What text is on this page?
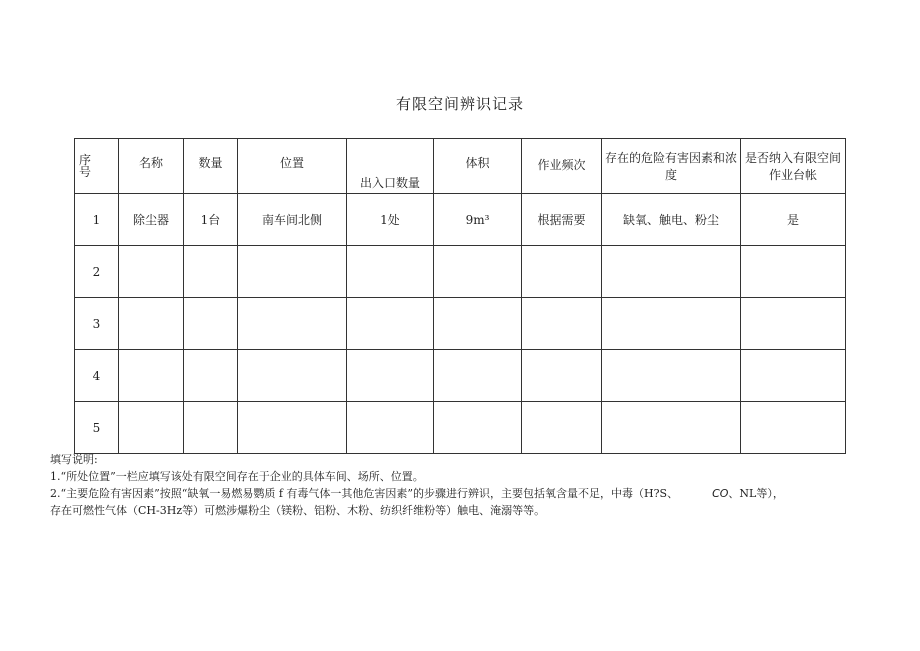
有限空间辨识记录
序号	名称	数量	位置	出入口数量	体积	作业频次	存在的危险有害因素和浓度	是否纳入有限空间作业台帐
1	除尘器	1台	南车间北侧	1处	9m³	根据需要	缺氧、触电、粉尘	是
2								
3								
4								
5								
填写说明:
1.“所处位置”一栏应填写该处有限空间存在于企业的具体车间、场所、位置。
2.“主要危险有害因素”按照“缺氧一易燃易鹦质 f 有毒气体一其他危害因素”的步骤进行辨识，主要包括氧含量不足，中毒（H?S、	CO、NL等），
存在可燃性气体（CH-3Hz等）可燃涉爆粉尘（镁粉、铝粉、木粉、纺织纤维粉等）触电、淹溺等等。
